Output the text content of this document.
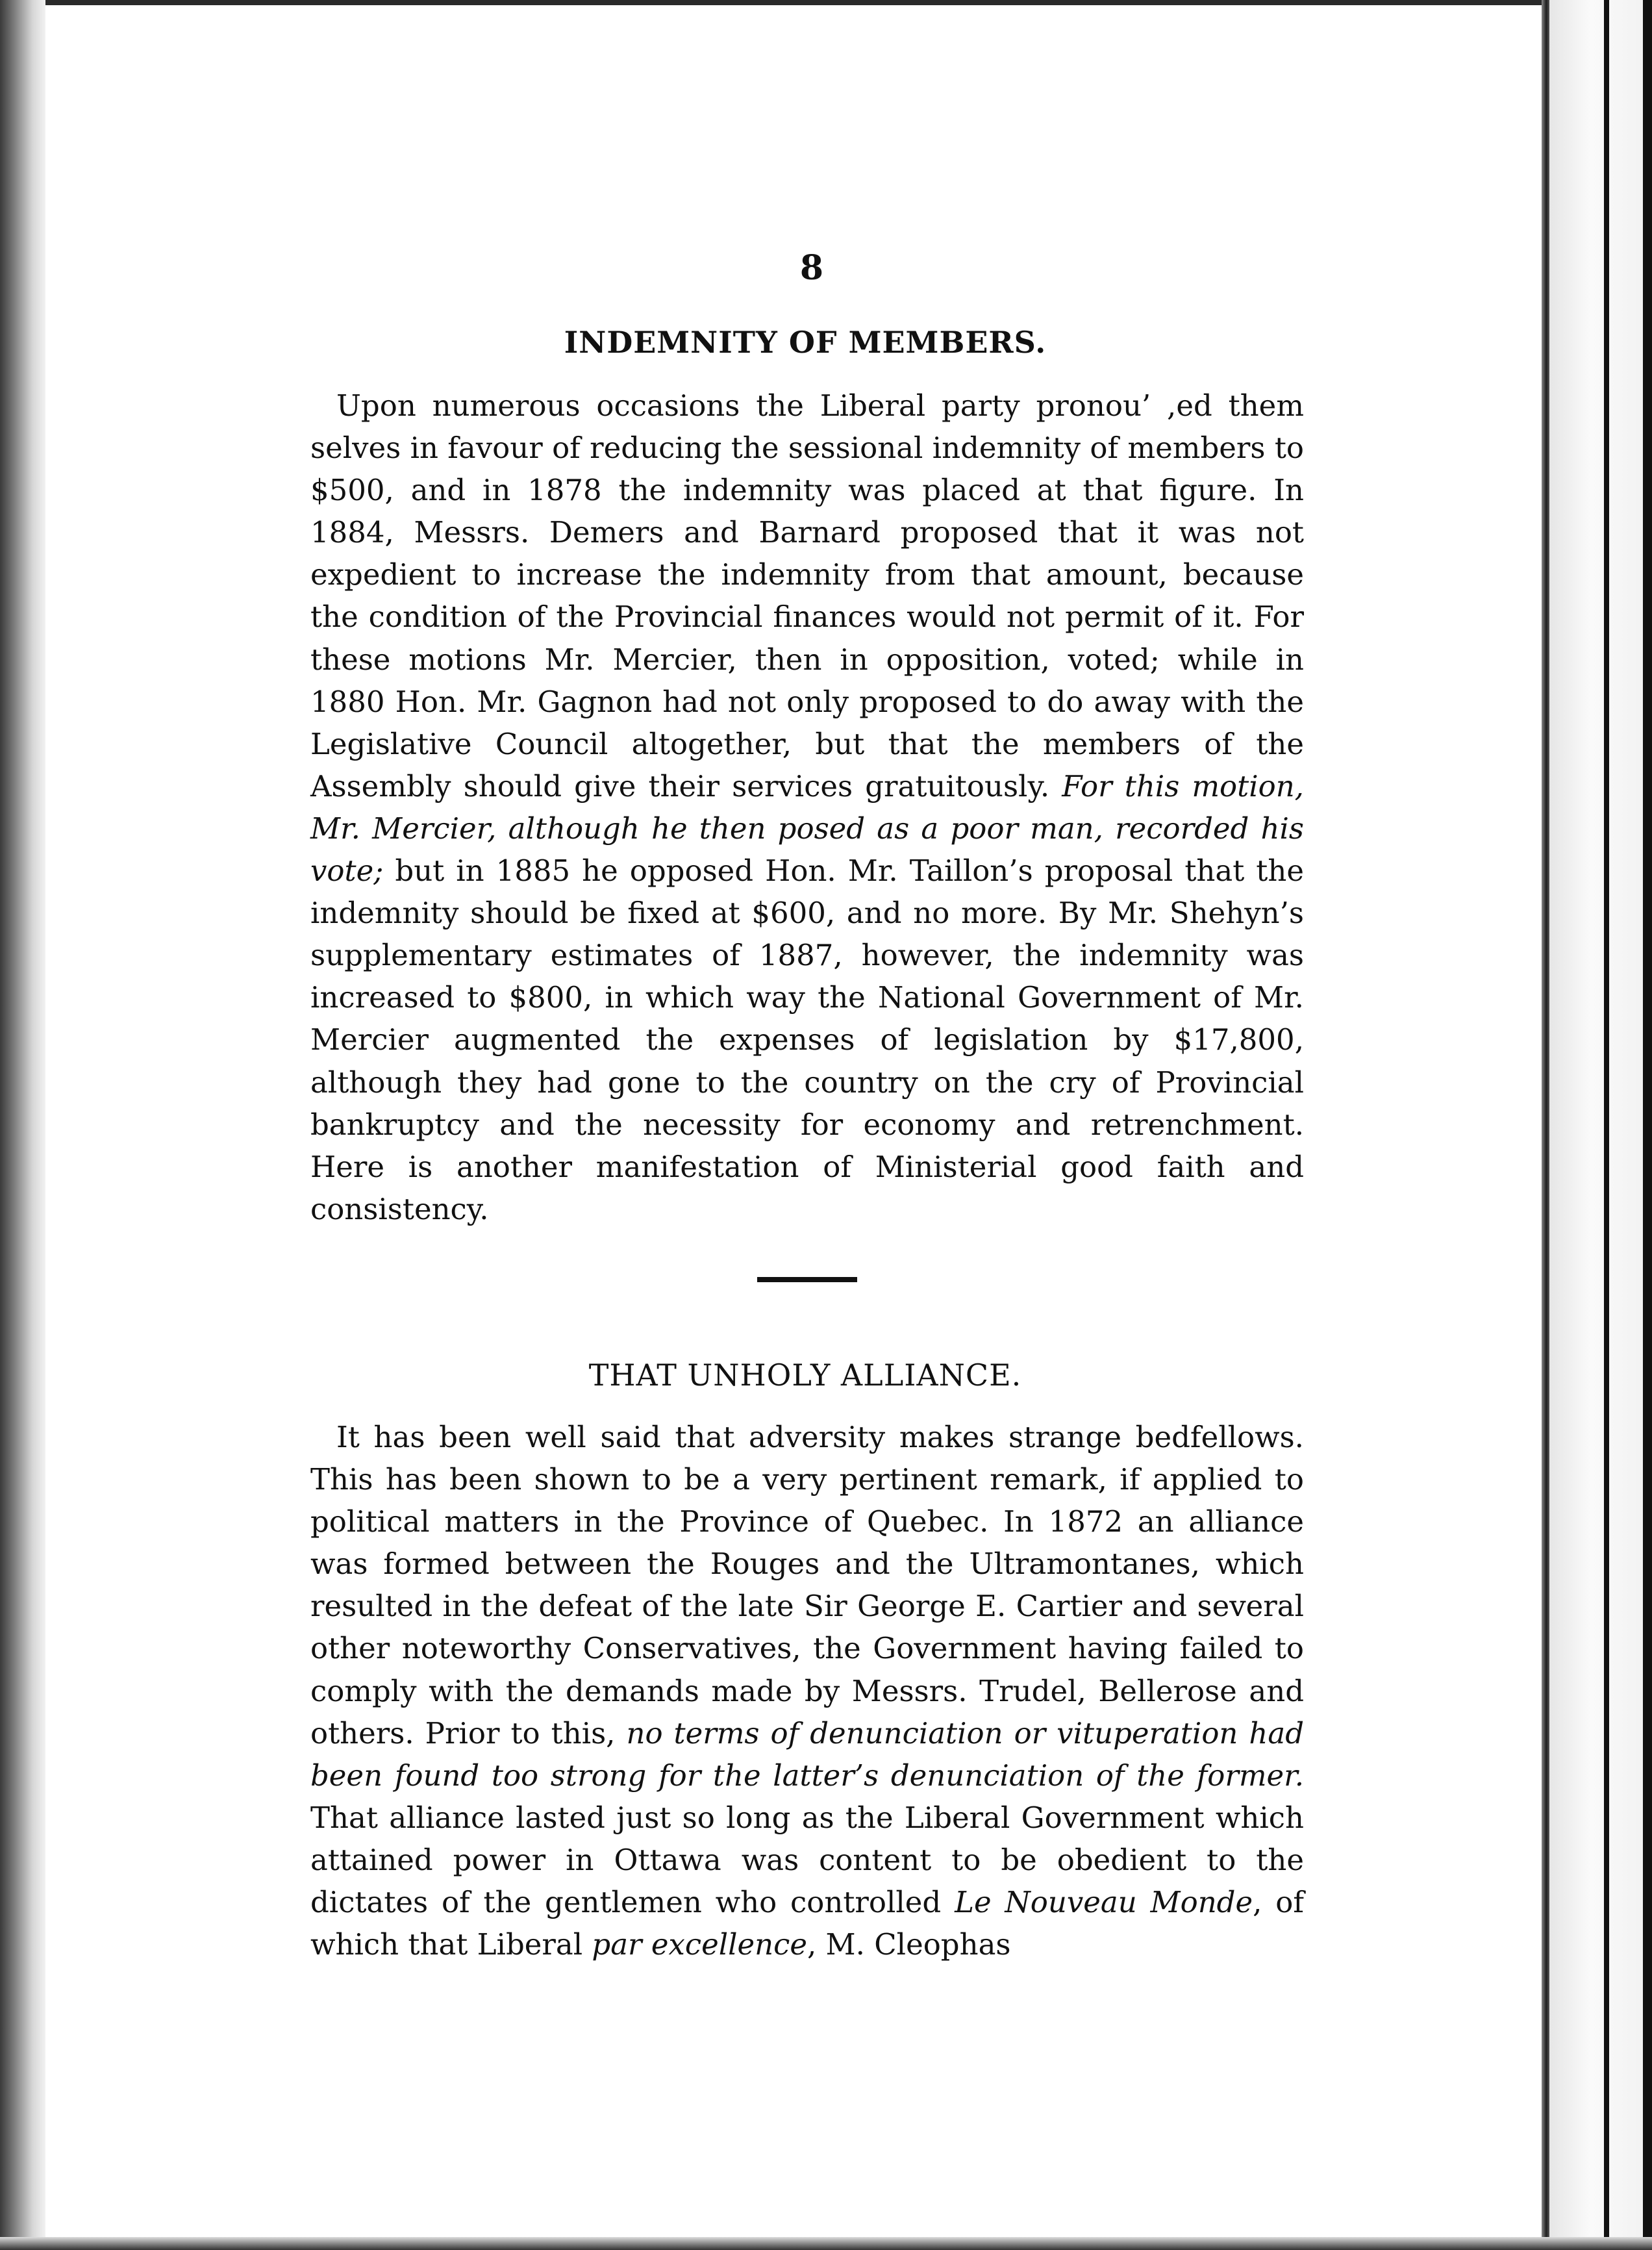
8
INDEMNITY OF MEMBERS.

Upon numerous occasions the Liberal party pronou’ ,ed them selves in favour of reducing the sessional indemnity of members to $500, and in 1878 the indemnity was placed at that figure. In 1884, Messrs. Demers and Barnard proposed that it was not expedient to increase the indemnity from that amount, because the condition of the Provincial finances would not permit of it. For these motions Mr. Mercier, then in opposition, voted; while in 1880 Hon. Mr. Gagnon had not only proposed to do away with the Legislative Council altogether, but that the members of the Assembly should give their services gratuitously. For this motion, Mr. Mercier, although he then posed as a poor man, recorded his vote; but in 1885 he opposed Hon. Mr. Taillon’s proposal that the indemnity should be fixed at $600, and no more. By Mr. Shehyn’s supplementary estimates of 1887, however, the indemnity was increased to $800, in which way the National Government of Mr. Mercier augmented the expenses of legislation by $17,800, although they had gone to the country on the cry of Provincial bankruptcy and the necessity for economy and retrenchment. Here is another manifestation of Ministerial good faith and consistency.

THAT UNHOLY ALLIANCE.

It has been well said that adversity makes strange bedfellows. This has been shown to be a very pertinent remark, if applied to political matters in the Province of Quebec. In 1872 an alliance was formed between the Rouges and the Ultramontanes, which resulted in the defeat of the late Sir George E. Cartier and several other noteworthy Conservatives, the Government having failed to comply with the demands made by Messrs. Trudel, Bellerose and others. Prior to this, no terms of denunciation or vituperation had been found too strong for the latter’s denunciation of the former. That alliance lasted just so long as the Liberal Government which attained power in Ottawa was content to be obedient to the dictates of the gentlemen who controlled Le Nouveau Monde, of which that Liberal par excellence, M. Cleophas
